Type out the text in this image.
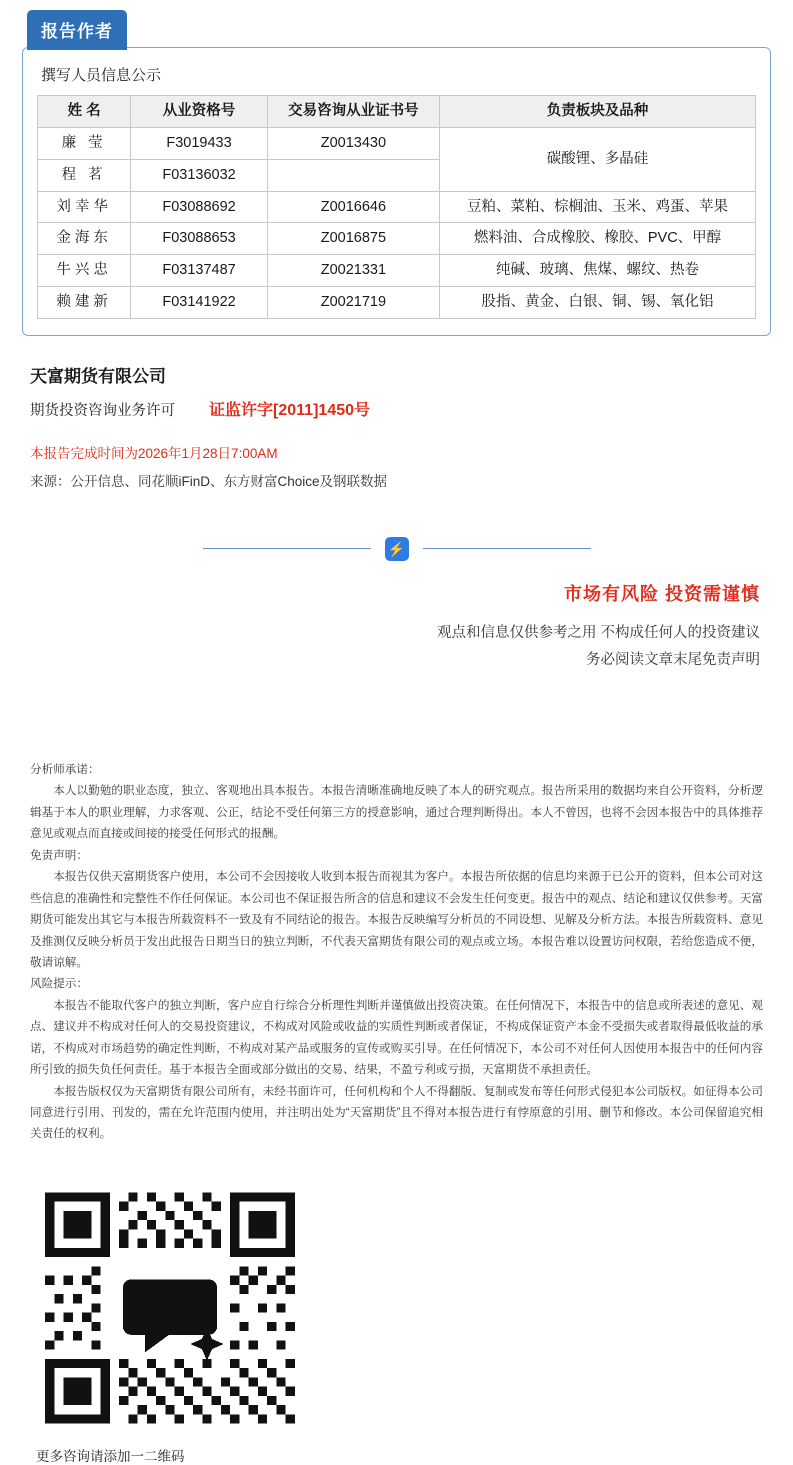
报告作者
撰写人员信息公示
姓 名	从业资格号	交易咨询从业证书号	负责板块及品种
廉 莹	F3019433	Z0013430	碳酸锂、多晶硅
程 茗	F03136032		
刘幸华	F03088692	Z0016646	豆粕、菜粕、棕榈油、玉米、鸡蛋、苹果
金海东	F03088653	Z0016875	燃料油、合成橡胶、橡胶、PVC、甲醇
牛兴忠	F03137487	Z0021331	纯碱、玻璃、焦煤、螺纹、热卷
赖建新	F03141922	Z0021719	股指、黄金、白银、铜、锡、氧化铝
天富期货有限公司
期货投资咨询业务许可 证监许字[2011]1450号
本报告完成时间为2026年1月28日7:00AM
来源：公开信息、同花顺iFinD、东方财富Choice及钢联数据
⚡
市场有风险 投资需谨慎
观点和信息仅供参考之用 不构成任何人的投资建议
务必阅读文章末尾免责声明
分析师承诺：

本人以勤勉的职业态度，独立、客观地出具本报告。本报告清晰准确地反映了本人的研究观点。报告所采用的数据均来自公开资料，分析逻辑基于本人的职业理解，力求客观、公正，结论不受任何第三方的授意影响，通过合理判断得出。本人不曾因，也将不会因本报告中的具体推荐意见或观点而直接或间接的接受任何形式的报酬。

免责声明：

本报告仅供天富期货客户使用，本公司不会因接收人收到本报告而视其为客户。本报告所依据的信息均来源于已公开的资料，但本公司对这些信息的准确性和完整性不作任何保证。本公司也不保证报告所含的信息和建议不会发生任何变更。报告中的观点、结论和建议仅供参考。天富期货可能发出其它与本报告所载资料不一致及有不同结论的报告。本报告反映编写分析员的不同设想、见解及分析方法。本报告所载资料、意见及推测仅反映分析员于发出此报告日期当日的独立判断，不代表天富期货有限公司的观点或立场。本报告难以设置访问权限，若给您造成不便，敬请谅解。

风险提示：

本报告不能取代客户的独立判断，客户应自行综合分析理性判断并谨慎做出投资决策。在任何情况下，本报告中的信息或所表述的意见、观点、建议并不构成对任何人的交易投资建议，不构成对风险或收益的实质性判断或者保证，不构成保证资产本金不受损失或者取得最低收益的承诺，不构成对市场趋势的确定性判断，不构成对某产品或服务的宣传或购买引导。在任何情况下，本公司不对任何人因使用本报告中的任何内容所引致的损失负任何责任。基于本报告全面或部分做出的交易、结果，不盈亏利或亏损，天富期货不承担责任。

本报告版权仅为天富期货有限公司所有，未经书面许可，任何机构和个人不得翻版、复制或发布等任何形式侵犯本公司版权。如征得本公司同意进行引用、刊发的，需在允许范围内使用，并注明出处为“天富期货”且不得对本报告进行有悖原意的引用、删节和修改。本公司保留追究相关责任的权利。

更多咨询请添加一二维码
